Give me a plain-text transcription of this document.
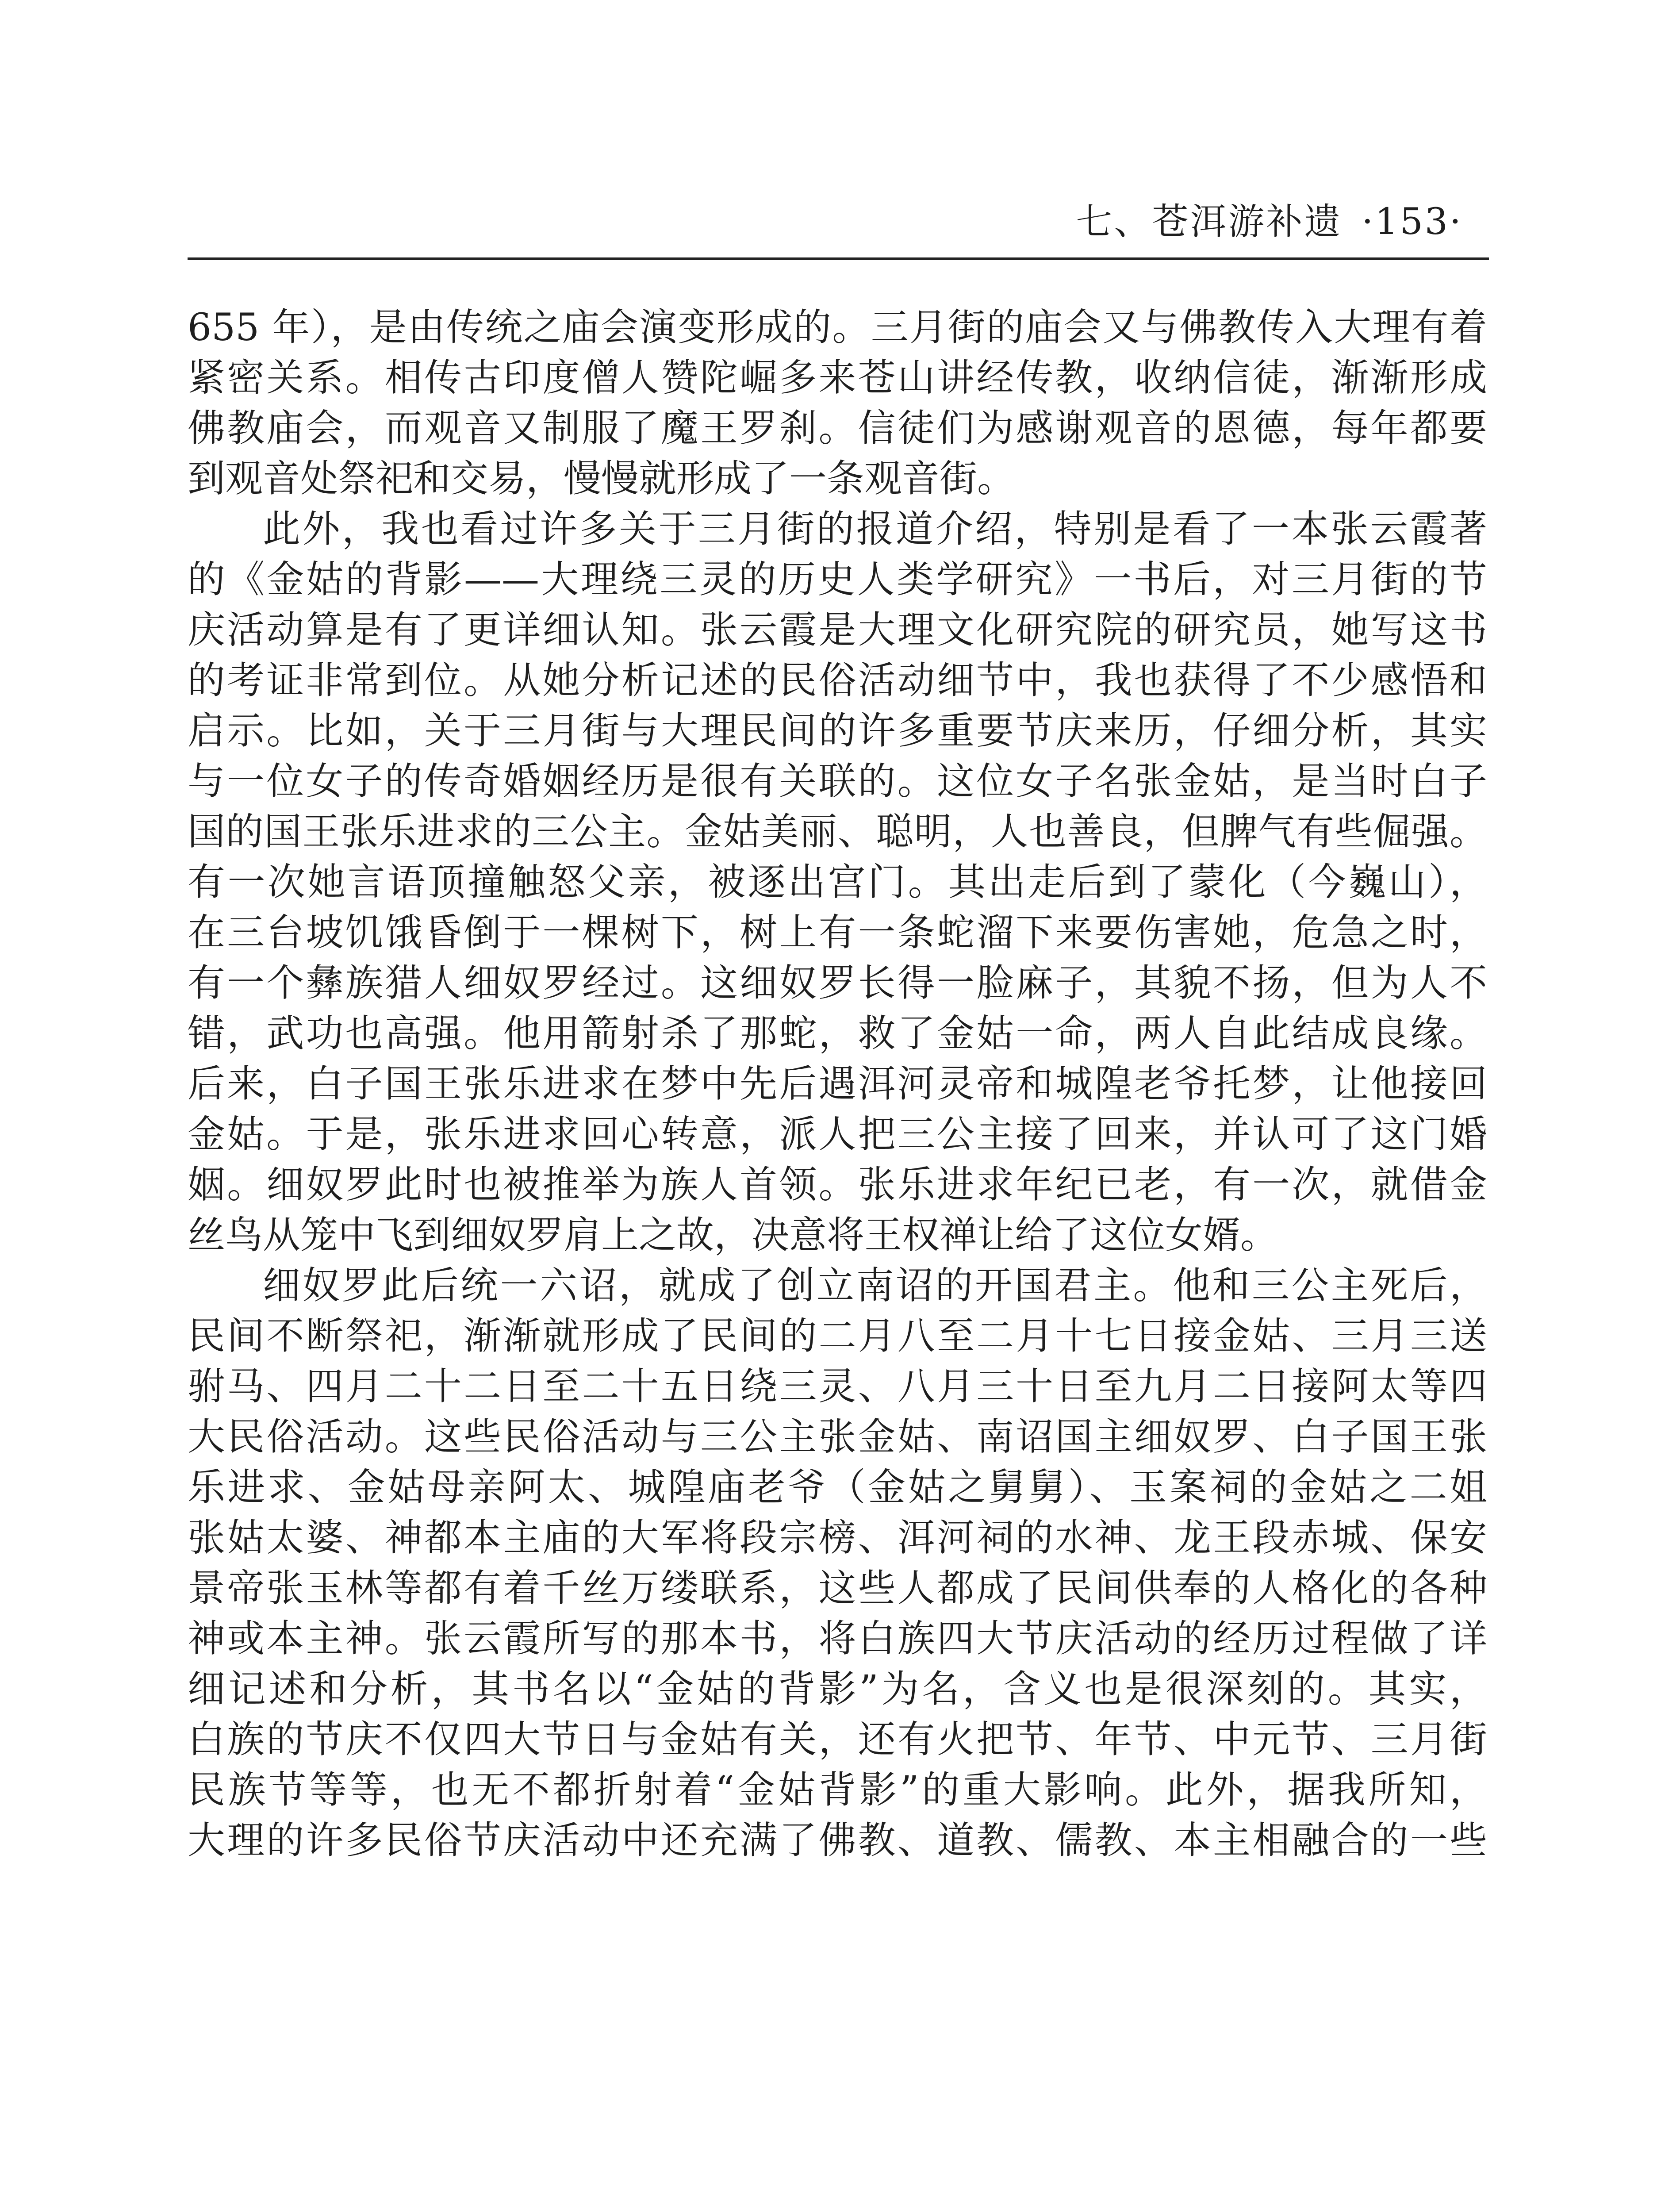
七、苍洱游补遗 ·153·
655 年），是由传统之庙会演变形成的。三月街的庙会又与佛教传入大理有着
紧密关系。相传古印度僧人赞陀崛多来苍山讲经传教，收纳信徒，渐渐形成
佛教庙会，而观音又制服了魔王罗刹。信徒们为感谢观音的恩德，每年都要
到观音处祭祀和交易，慢慢就形成了一条观音街。
此外，我也看过许多关于三月街的报道介绍，特别是看了一本张云霞著
的《金姑的背影——大理绕三灵的历史人类学研究》一书后，对三月街的节
庆活动算是有了更详细认知。张云霞是大理文化研究院的研究员，她写这书
的考证非常到位。从她分析记述的民俗活动细节中，我也获得了不少感悟和
启示。比如，关于三月街与大理民间的许多重要节庆来历，仔细分析，其实
与一位女子的传奇婚姻经历是很有关联的。这位女子名张金姑，是当时白子
国的国王张乐进求的三公主。金姑美丽、聪明，人也善良，但脾气有些倔强。
有一次她言语顶撞触怒父亲，被逐出宫门。其出走后到了蒙化（今巍山），
在三台坡饥饿昏倒于一棵树下，树上有一条蛇溜下来要伤害她，危急之时，
有一个彝族猎人细奴罗经过。这细奴罗长得一脸麻子，其貌不扬，但为人不
错，武功也高强。他用箭射杀了那蛇，救了金姑一命，两人自此结成良缘。
后来，白子国王张乐进求在梦中先后遇洱河灵帝和城隍老爷托梦，让他接回
金姑。于是，张乐进求回心转意，派人把三公主接了回来，并认可了这门婚
姻。细奴罗此时也被推举为族人首领。张乐进求年纪已老，有一次，就借金
丝鸟从笼中飞到细奴罗肩上之故，决意将王权禅让给了这位女婿。
细奴罗此后统一六诏，就成了创立南诏的开国君主。他和三公主死后，
民间不断祭祀，渐渐就形成了民间的二月八至二月十七日接金姑、三月三送
驸马、四月二十二日至二十五日绕三灵、八月三十日至九月二日接阿太等四
大民俗活动。这些民俗活动与三公主张金姑、南诏国主细奴罗、白子国王张
乐进求、金姑母亲阿太、城隍庙老爷（金姑之舅舅）、玉案祠的金姑之二姐
张姑太婆、神都本主庙的大军将段宗榜、洱河祠的水神、龙王段赤城、保安
景帝张玉林等都有着千丝万缕联系，这些人都成了民间供奉的人格化的各种
神或本主神。张云霞所写的那本书，将白族四大节庆活动的经历过程做了详
细记述和分析，其书名以“金姑的背影”为名，含义也是很深刻的。其实，
白族的节庆不仅四大节日与金姑有关，还有火把节、年节、中元节、三月街
民族节等等，也无不都折射着“金姑背影”的重大影响。此外，据我所知，
大理的许多民俗节庆活动中还充满了佛教、道教、儒教、本主相融合的一些
